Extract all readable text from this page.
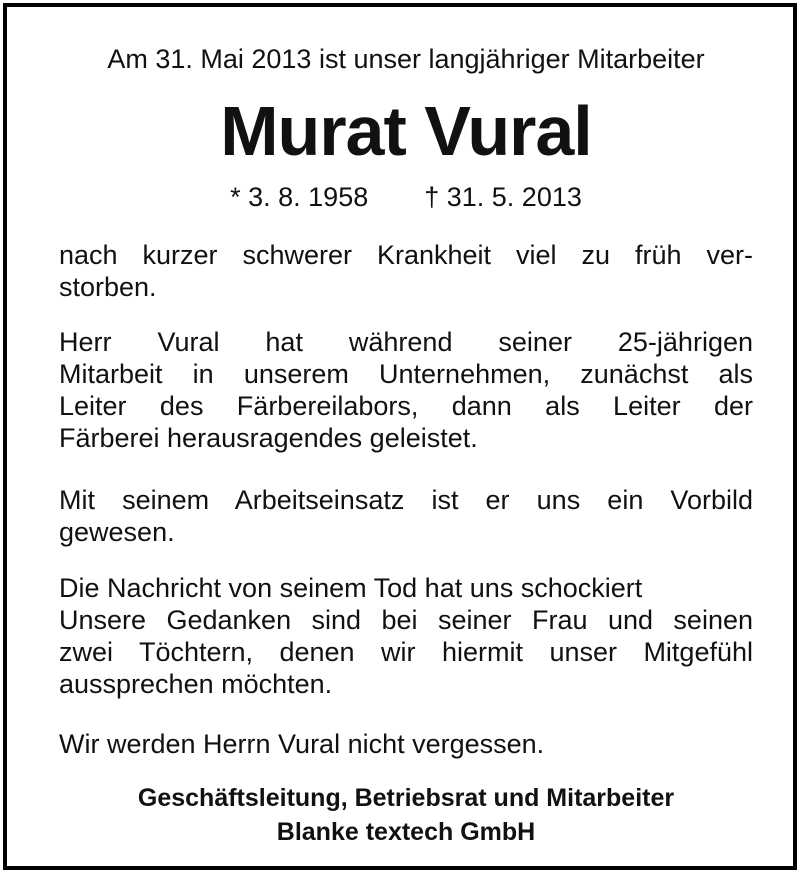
Am 31. Mai 2013 ist unser langjähriger Mitarbeiter
Murat Vural
* 3. 8. 1958 † 31. 5. 2013
nach kurzer schwerer Krankheit viel zu früh ver-
storben.
Herr Vural hat während seiner 25-jährigen
Mitarbeit in unserem Unternehmen, zunächst als
Leiter des Färbereilabors, dann als Leiter der
Färberei herausragendes geleistet.
Mit seinem Arbeitseinsatz ist er uns ein Vorbild
gewesen.
Die Nachricht von seinem Tod hat uns schockiert
Unsere Gedanken sind bei seiner Frau und seinen
zwei Töchtern, denen wir hiermit unser Mitgefühl
aussprechen möchten.
Wir werden Herrn Vural nicht vergessen.
Geschäftsleitung, Betriebsrat und Mitarbeiter
Blanke textech GmbH
